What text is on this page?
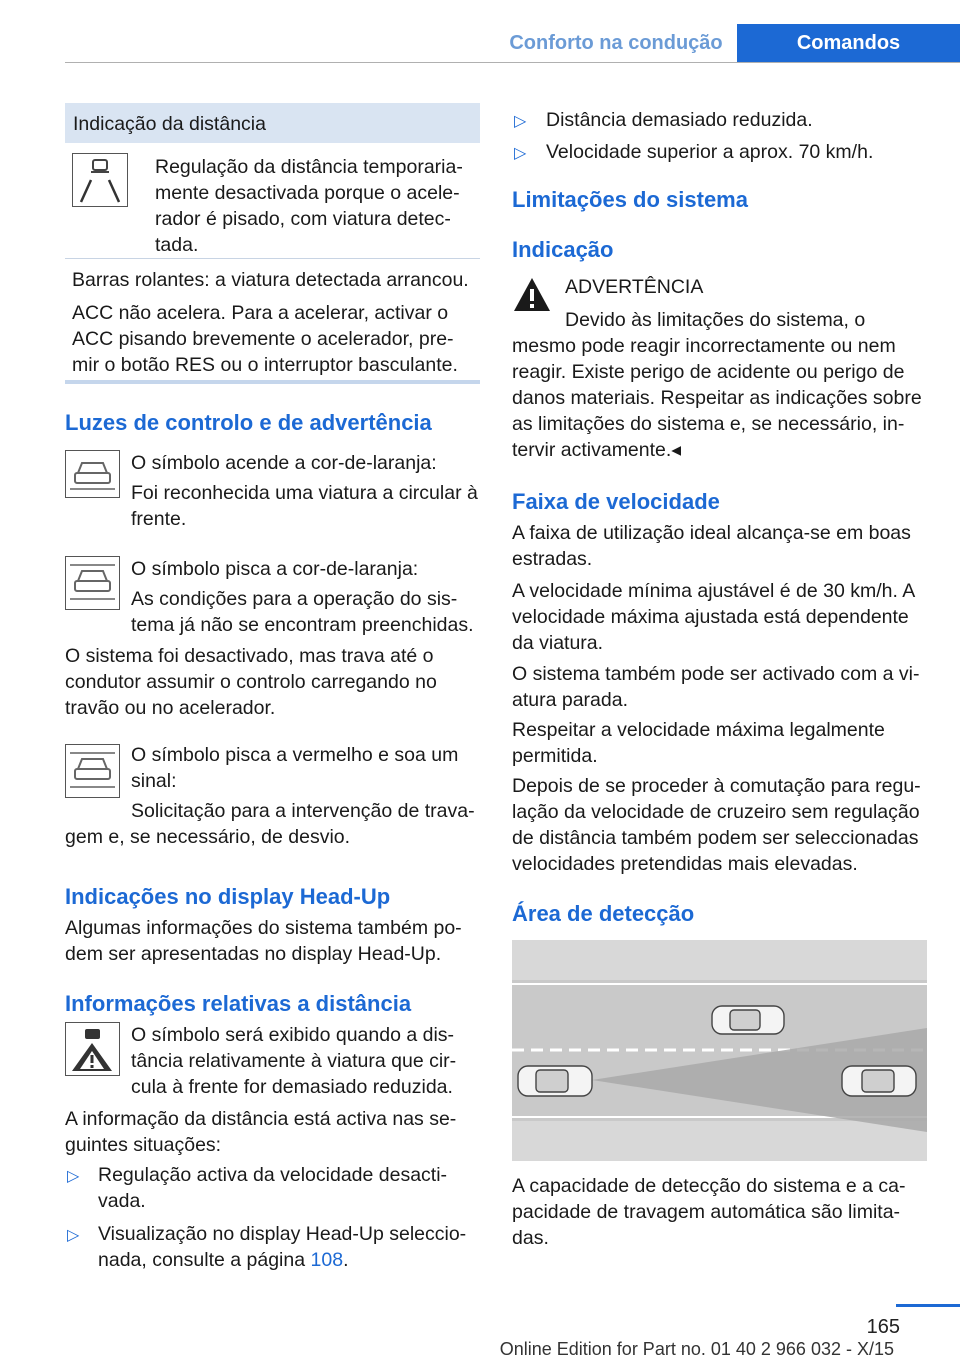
Conforto na condução	Comandos
Indicação da distância

Regulação da distância temporaria-

mente desactivada porque o acele-

rador é pisado, com viatura detec-

tada.

Barras rolantes: a viatura detectada arrancou.

ACC não acelera. Para a acelerar, activar o

ACC pisando brevemente o acelerador, pre-

mir o botão RES ou o interruptor basculante.

Luzes de controlo e de advertência

O símbolo acende a cor-de-laranja:

Foi reconhecida uma viatura a circular à

frente.

O símbolo pisca a cor-de-laranja:

As condições para a operação do sis-

tema já não se encontram preenchidas.

O sistema foi desactivado, mas trava até o

condutor assumir o controlo carregando no

travão ou no acelerador.

O símbolo pisca a vermelho e soa um

sinal:

Solicitação para a intervenção de trava-

gem e, se necessário, de desvio.

Indicações no display Head-Up

Algumas informações do sistema também po-

dem ser apresentadas no display Head-Up.

Informações relativas a distância

O símbolo será exibido quando a dis-

tância relativamente à viatura que cir-

cula à frente for demasiado reduzida.

A informação da distância está activa nas se-

guintes situações:

▷ Regulação activa da velocidade desacti-

vada.

▷ Visualização no display Head-Up seleccio-

nada, consulte a página 108.

▷ Distância demasiado reduzida.

▷ Velocidade superior a aprox. 70 km/h.

Limitações do sistema

Indicação

ADVERTÊNCIA

Devido às limitações do sistema, o

mesmo pode reagir incorrectamente ou nem

reagir. Existe perigo de acidente ou perigo de

danos materiais. Respeitar as indicações sobre

as limitações do sistema e, se necessário, in-

tervir activamente.◂

Faixa de velocidade

A faixa de utilização ideal alcança-se em boas

estradas.

A velocidade mínima ajustável é de 30 km/h. A

velocidade máxima ajustada está dependente

da viatura.

O sistema também pode ser activado com a vi-

atura parada.

Respeitar a velocidade máxima legalmente

permitida.

Depois de se proceder à comutação para regu-

lação da velocidade de cruzeiro sem regulação

de distância também podem ser seleccionadas

velocidades pretendidas mais elevadas.

Área de detecção

A capacidade de detecção do sistema e a ca-

pacidade de travagem automática são limita-

das.

165
Online Edition for Part no. 01 40 2 966 032 - X/15
